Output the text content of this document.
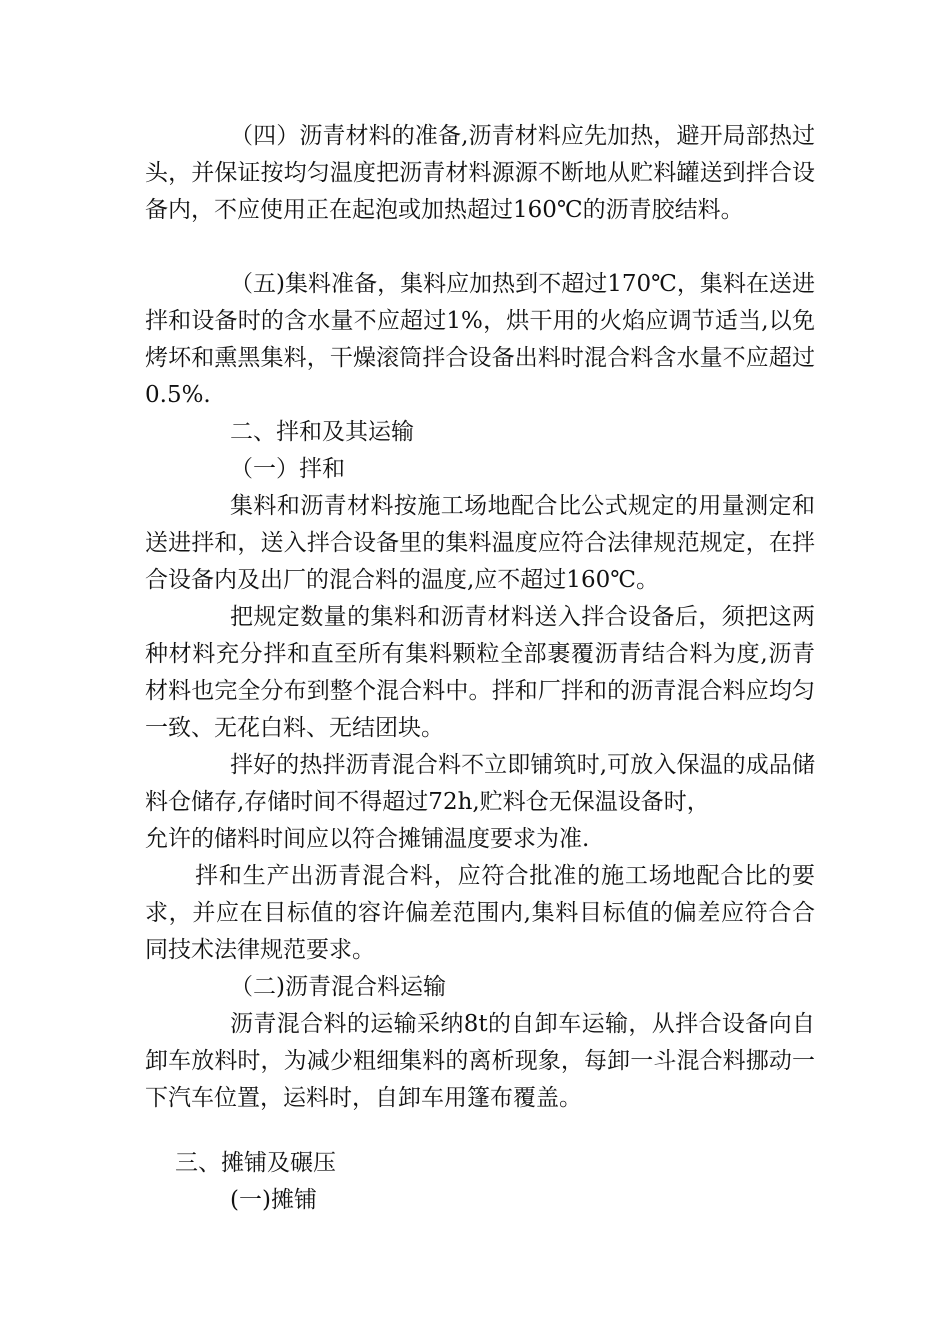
（四）沥青材料的准备,沥青材料应先加热，避开局部热过头，并保证按均匀温度把沥青材料源源不断地从贮料罐送到拌合设备内，不应使用正在起泡或加热超过160℃的沥青胶结料。

（五)集料准备，集料应加热到不超过170℃，集料在送进拌和设备时的含水量不应超过1%，烘干用的火焰应调节适当,以免烤坏和熏黑集料，干燥滚筒拌合设备出料时混合料含水量不应超过0.5%.

二、拌和及其运输

（一）拌和

集料和沥青材料按施工场地配合比公式规定的用量测定和送进拌和，送入拌合设备里的集料温度应符合法律规范规定，在拌合设备内及出厂的混合料的温度,应不超过160℃。

把规定数量的集料和沥青材料送入拌合设备后，须把这两种材料充分拌和直至所有集料颗粒全部裹覆沥青结合料为度,沥青材料也完全分布到整个混合料中。拌和厂拌和的沥青混合料应均匀一致、无花白料、无结团块。

拌好的热拌沥青混合料不立即铺筑时,可放入保温的成品储料仓储存,存储时间不得超过72h,贮料仓无保温设备时，

允许的储料时间应以符合摊铺温度要求为准.

拌和生产出沥青混合料，应符合批准的施工场地配合比的要求，并应在目标值的容许偏差范围内,集料目标值的偏差应符合合同技术法律规范要求。

（二)沥青混合料运输

沥青混合料的运输采纳8t的自卸车运输，从拌合设备向自卸车放料时，为减少粗细集料的离析现象，每卸一斗混合料挪动一下汽车位置，运料时，自卸车用篷布覆盖。

三、摊铺及碾压

(一)摊铺
